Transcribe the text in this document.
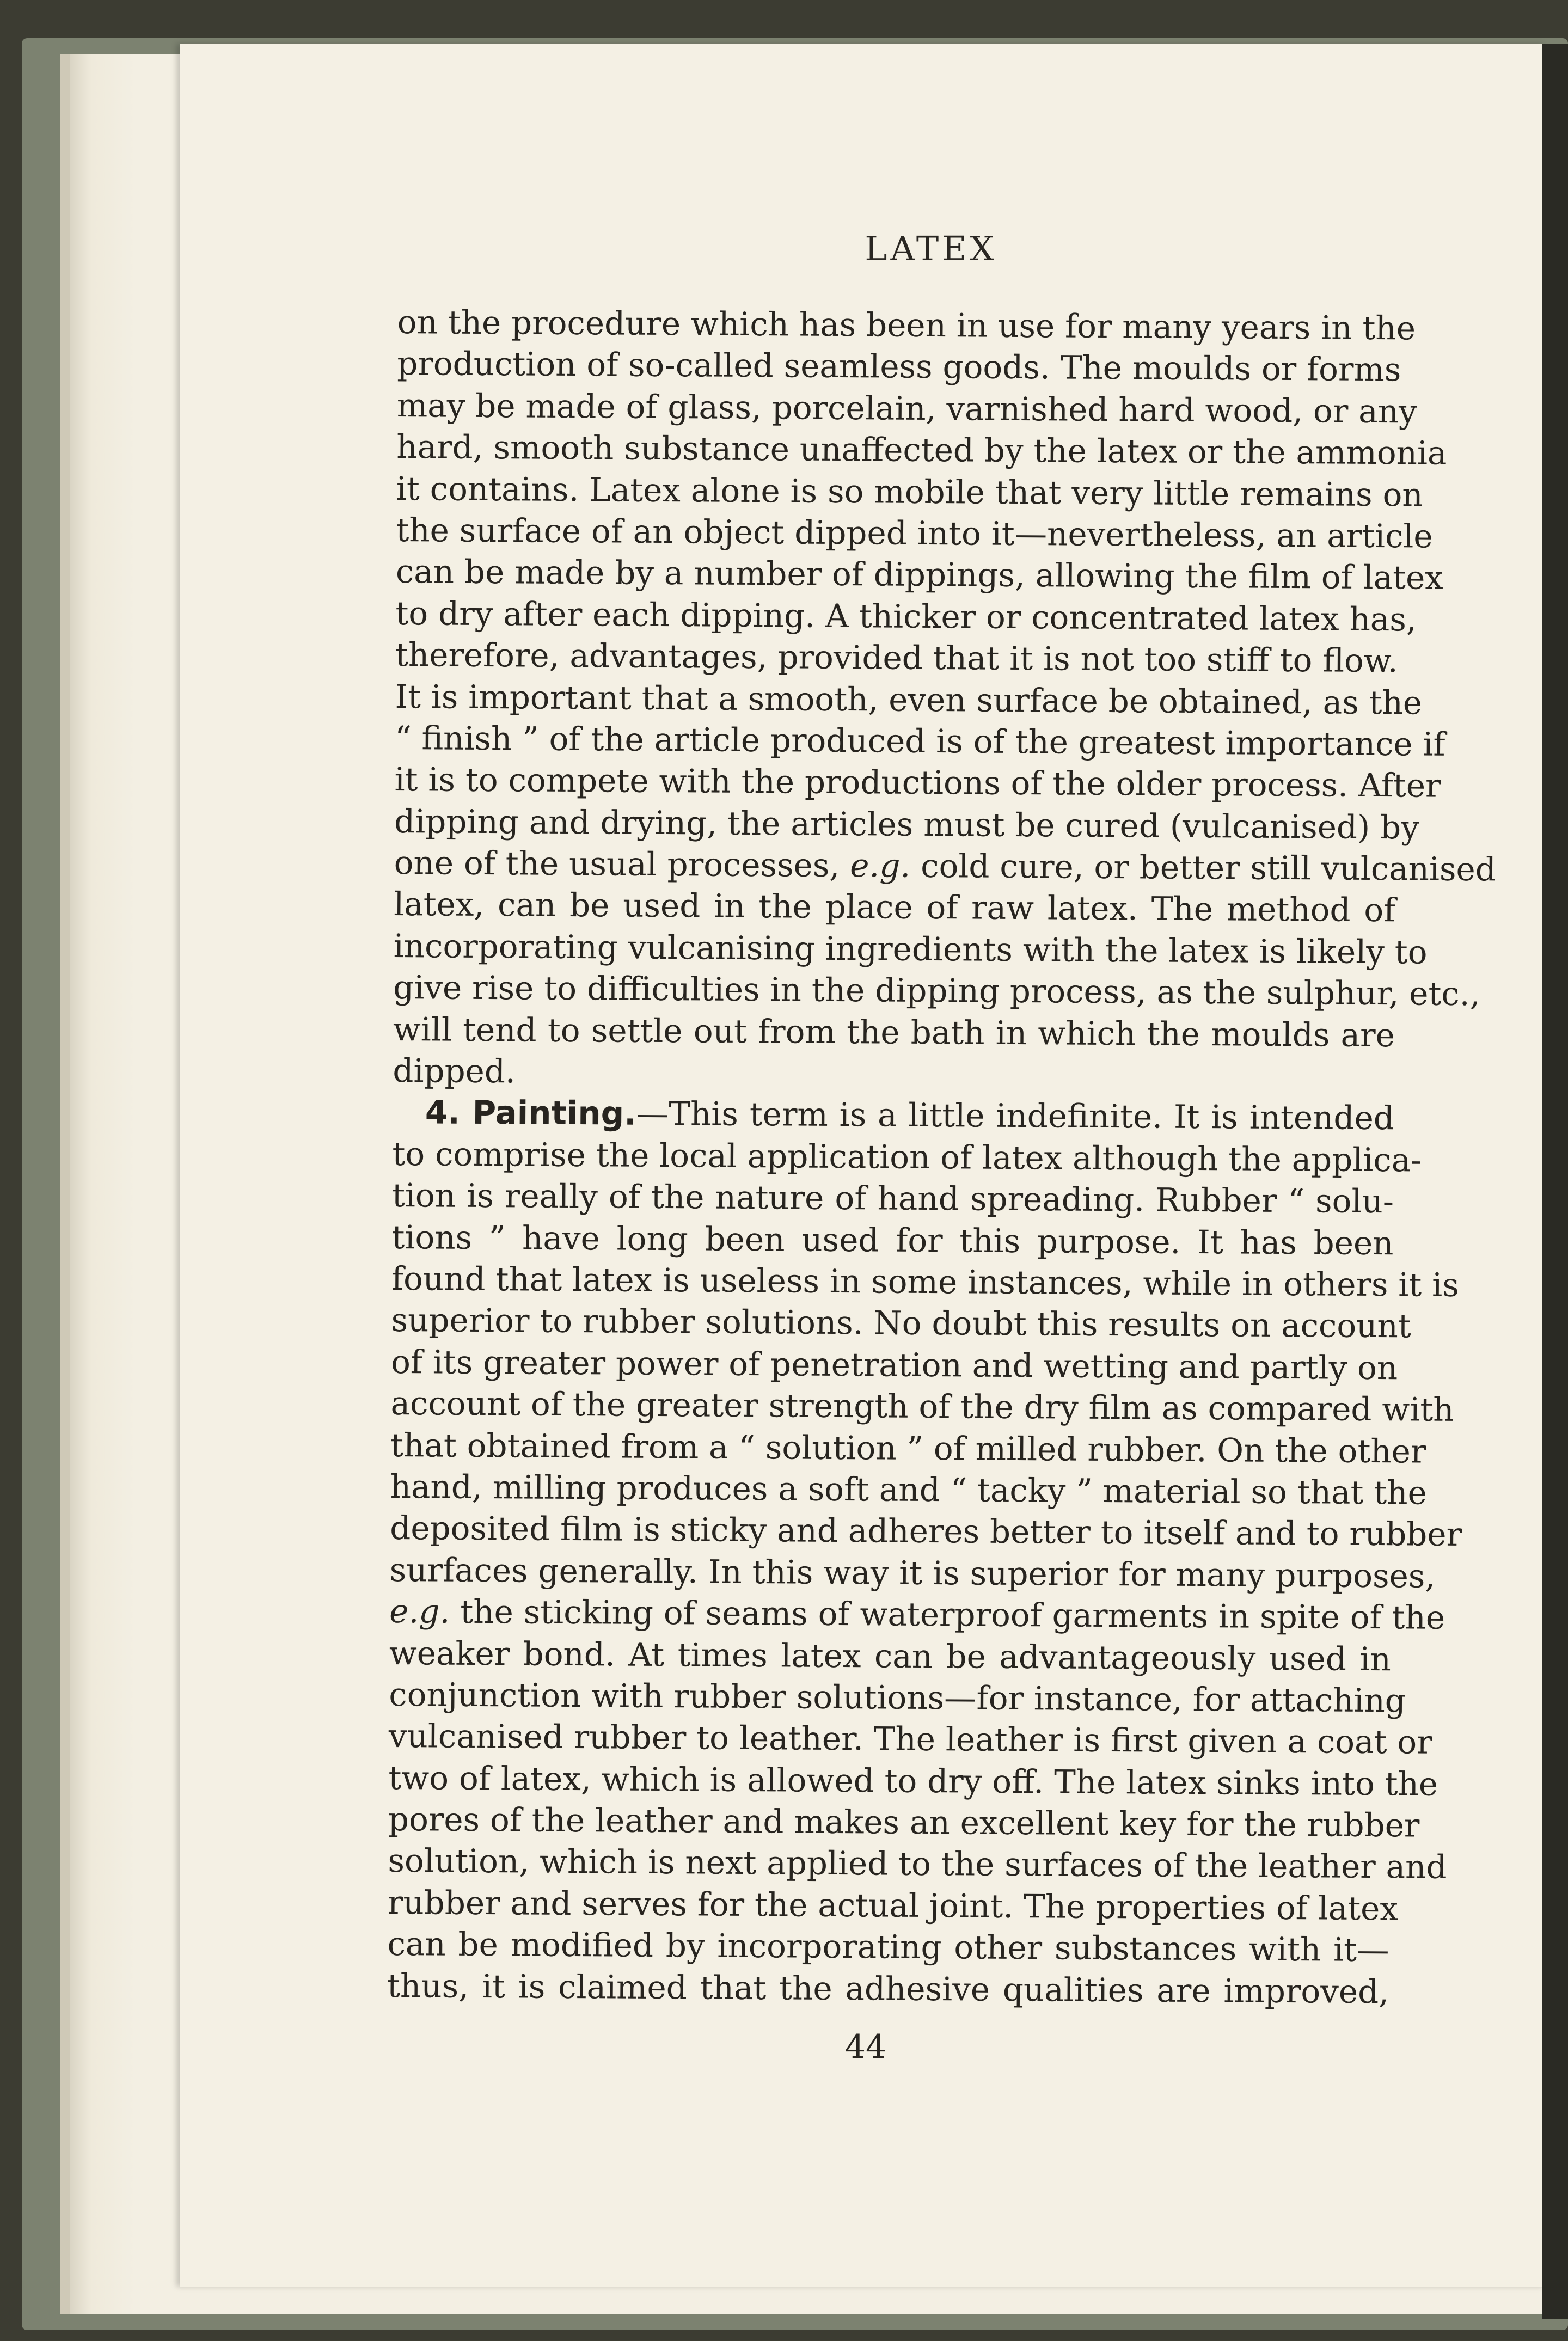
LATEX
on the procedure which has been in use for many years in the
production of so-called seamless goods. The moulds or forms
may be made of glass, porcelain, varnished hard wood, or any
hard, smooth substance unaffected by the latex or the ammonia
it contains. Latex alone is so mobile that very little remains on
the surface of an object dipped into it—nevertheless, an article
can be made by a number of dippings, allowing the film of latex
to dry after each dipping. A thicker or concentrated latex has,
therefore, advantages, provided that it is not too stiff to flow.
It is important that a smooth, even surface be obtained, as the
“ finish ” of the article produced is of the greatest importance if
it is to compete with the productions of the older process. After
dipping and drying, the articles must be cured (vulcanised) by
one of the usual processes, e.g. cold cure, or better still vulcanised
latex, can be used in the place of raw latex. The method of
incorporating vulcanising ingredients with the latex is likely to
give rise to difficulties in the dipping process, as the sulphur, etc.,
will tend to settle out from the bath in which the moulds are
dipped.
4. Painting.—This term is a little indefinite. It is intended
to comprise the local application of latex although the applica-
tion is really of the nature of hand spreading. Rubber “ solu-
tions ” have long been used for this purpose. It has been
found that latex is useless in some instances, while in others it is
superior to rubber solutions. No doubt this results on account
of its greater power of penetration and wetting and partly on
account of the greater strength of the dry film as compared with
that obtained from a “ solution ” of milled rubber. On the other
hand, milling produces a soft and “ tacky ” material so that the
deposited film is sticky and adheres better to itself and to rubber
surfaces generally. In this way it is superior for many purposes,
e.g. the sticking of seams of waterproof garments in spite of the
weaker bond. At times latex can be advantageously used in
conjunction with rubber solutions—for instance, for attaching
vulcanised rubber to leather. The leather is first given a coat or
two of latex, which is allowed to dry off. The latex sinks into the
pores of the leather and makes an excellent key for the rubber
solution, which is next applied to the surfaces of the leather and
rubber and serves for the actual joint. The properties of latex
can be modified by incorporating other substances with it—
thus, it is claimed that the adhesive qualities are improved,
44
